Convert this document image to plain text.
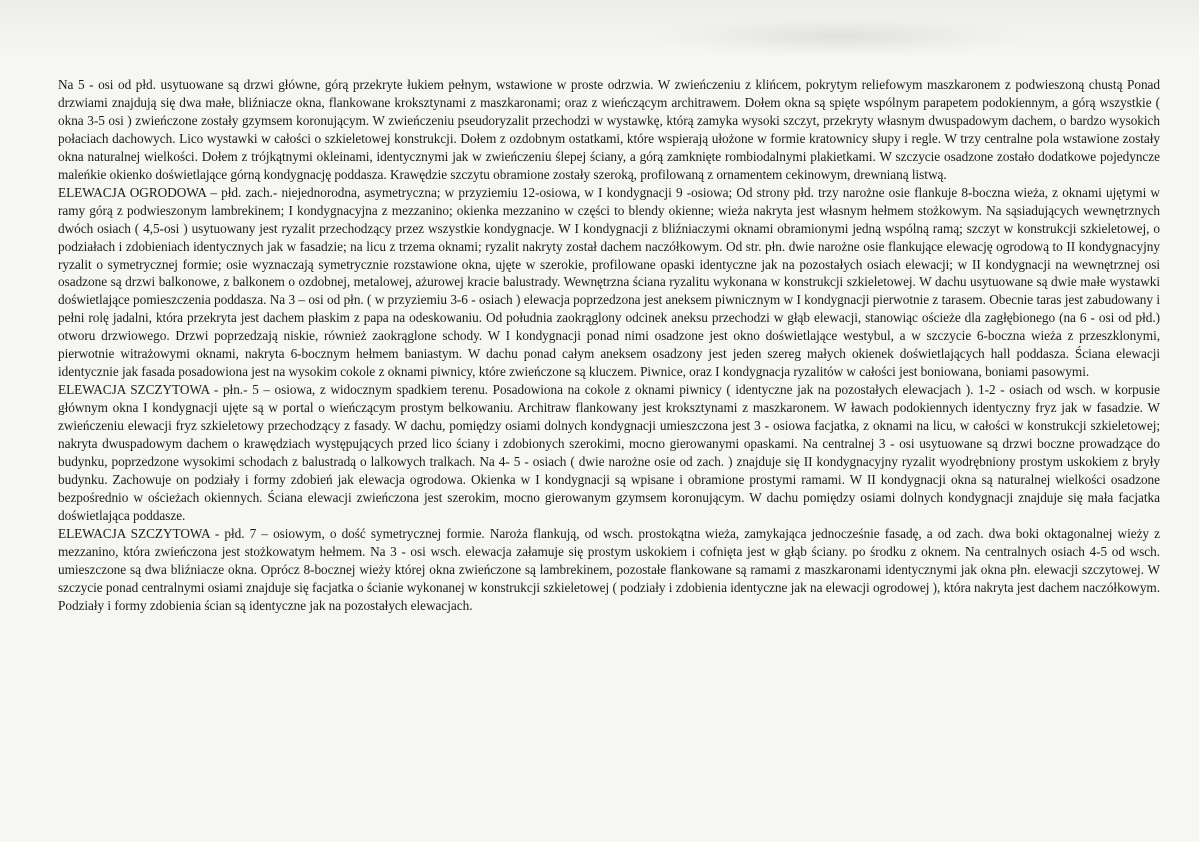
Na 5 - osi od płd. usytuowane są drzwi główne, górą przekryte łukiem pełnym, wstawione w proste odrzwia. W zwieńczeniu z klińcem, pokrytym reliefowym maszkaronem z podwieszoną chustą Ponad drzwiami znajdują się dwa małe, bliźniacze okna, flankowane kroksztynami z maszkaronami; oraz z wieńczącym architrawem. Dołem okna są spięte wspólnym parapetem podokiennym, a górą wszystkie ( okna 3-5 osi ) zwieńczone zostały gzymsem koronującym. W zwieńczeniu pseudoryzalit przechodzi w wystawkę, którą zamyka wysoki szczyt, przekryty własnym dwuspadowym dachem, o bardzo wysokich połaciach dachowych. Lico wystawki w całości o szkieletowej konstrukcji. Dołem z ozdobnym ostatkami, które wspierają ułożone w formie kratownicy słupy i regle. W trzy centralne pola wstawione zostały okna naturalnej wielkości. Dołem z trójkątnymi okleinami, identycznymi jak w zwieńczeniu ślepej ściany, a górą zamknięte rombiodalnymi plakietkami. W szczycie osadzone zostało dodatkowe pojedyncze maleńkie okienko doświetlające górną kondygnację poddasza. Krawędzie szczytu obramione zostały szeroką, profilowaną z ornamentem cekinowym, drewnianą listwą.

ELEWACJA OGRODOWA – płd. zach.- niejednorodna, asymetryczna; w przyziemiu 12-osiowa, w I kondygnacji 9 -osiowa; Od strony płd. trzy narożne osie flankuje 8-boczna wieża, z oknami ujętymi w ramy górą z podwieszonym lambrekinem; I kondygnacyjna z mezzanino; okienka mezzanino w części to blendy okienne; wieża nakryta jest własnym hełmem stożkowym. Na sąsiadujących wewnętrznych dwóch osiach ( 4,5-osi ) usytuowany jest ryzalit przechodzący przez wszystkie kondygnacje. W I kondygnacji z bliźniaczymi oknami obramionymi jedną wspólną ramą; szczyt w konstrukcji szkieletowej, o podziałach i zdobieniach identycznych jak w fasadzie; na licu z trzema oknami; ryzalit nakryty został dachem naczółkowym. Od str. płn. dwie narożne osie flankujące elewację ogrodową to II kondygnacyjny ryzalit o symetrycznej formie; osie wyznaczają symetrycznie rozstawione okna, ujęte w szerokie, profilowane opaski identyczne jak na pozostałych osiach elewacji; w II kondygnacji na wewnętrznej osi osadzone są drzwi balkonowe, z balkonem o ozdobnej, metalowej, ażurowej kracie balustrady. Wewnętrzna ściana ryzalitu wykonana w konstrukcji szkieletowej. W dachu usytuowane są dwie małe wystawki doświetlające pomieszczenia poddasza. Na 3 – osi od płn. ( w przyziemiu 3-6 - osiach ) elewacja poprzedzona jest aneksem piwnicznym w I kondygnacji pierwotnie z tarasem. Obecnie taras jest zabudowany i pełni rolę jadalni, która przekryta jest dachem płaskim z papa na odeskowaniu. Od południa zaokrąglony odcinek aneksu przechodzi w głąb elewacji, stanowiąc ościeże dla zagłębionego (na 6 - osi od płd.) otworu drzwiowego. Drzwi poprzedzają niskie, również zaokrąglone schody. W I kondygnacji ponad nimi osadzone jest okno doświetlające westybul, a w szczycie 6-boczna wieża z przeszklonymi, pierwotnie witrażowymi oknami, nakryta 6-bocznym hełmem baniastym. W dachu ponad całym aneksem osadzony jest jeden szereg małych okienek doświetlających hall poddasza. Ściana elewacji identycznie jak fasada posadowiona jest na wysokim cokole z oknami piwnicy, które zwieńczone są kluczem. Piwnice, oraz I kondygnacja ryzalitów w całości jest boniowana, boniami pasowymi.

ELEWACJA SZCZYTOWA - płn.- 5 – osiowa, z widocznym spadkiem terenu. Posadowiona na cokole z oknami piwnicy ( identyczne jak na pozostałych elewacjach ). 1-2 - osiach od wsch. w korpusie głównym okna I kondygnacji ujęte są w portal o wieńczącym prostym belkowaniu. Architraw flankowany jest kroksztynami z maszkaronem. W ławach podokiennych identyczny fryz jak w fasadzie. W zwieńczeniu elewacji fryz szkieletowy przechodzący z fasady. W dachu, pomiędzy osiami dolnych kondygnacji umieszczona jest 3 - osiowa facjatka, z oknami na licu, w całości w konstrukcji szkieletowej; nakryta dwuspadowym dachem o krawędziach występujących przed lico ściany i zdobionych szerokimi, mocno gierowanymi opaskami. Na centralnej 3 - osi usytuowane są drzwi boczne prowadzące do budynku, poprzedzone wysokimi schodach z balustradą o lalkowych tralkach. Na 4- 5 - osiach ( dwie narożne osie od zach. ) znajduje się II kondygnacyjny ryzalit wyodrębniony prostym uskokiem z bryły budynku. Zachowuje on podziały i formy zdobień jak elewacja ogrodowa. Okienka w I kondygnacji są wpisane i obramione prostymi ramami. W II kondygnacji okna są naturalnej wielkości osadzone bezpośrednio w ościeżach okiennych. Ściana elewacji zwieńczona jest szerokim, mocno gierowanym gzymsem koronującym. W dachu pomiędzy osiami dolnych kondygnacji znajduje się mała facjatka doświetlająca poddasze.

ELEWACJA SZCZYTOWA - płd. 7 – osiowym, o dość symetrycznej formie. Naroża flankują, od wsch. prostokątna wieża, zamykająca jednocześnie fasadę, a od zach. dwa boki oktagonalnej wieży z mezzanino, która zwieńczona jest stożkowatym hełmem. Na 3 - osi wsch. elewacja załamuje się prostym uskokiem i cofnięta jest w głąb ściany. po środku z oknem. Na centralnych osiach 4-5 od wsch. umieszczone są dwa bliźniacze okna. Oprócz 8-bocznej wieży której okna zwieńczone są lambrekinem, pozostałe flankowane są ramami z maszkaronami identycznymi jak okna płn. elewacji szczytowej. W szczycie ponad centralnymi osiami znajduje się facjatka o ścianie wykonanej w konstrukcji szkieletowej ( podziały i zdobienia identyczne jak na elewacji ogrodowej ), która nakryta jest dachem naczółkowym. Podziały i formy zdobienia ścian są identyczne jak na pozostałych elewacjach.
